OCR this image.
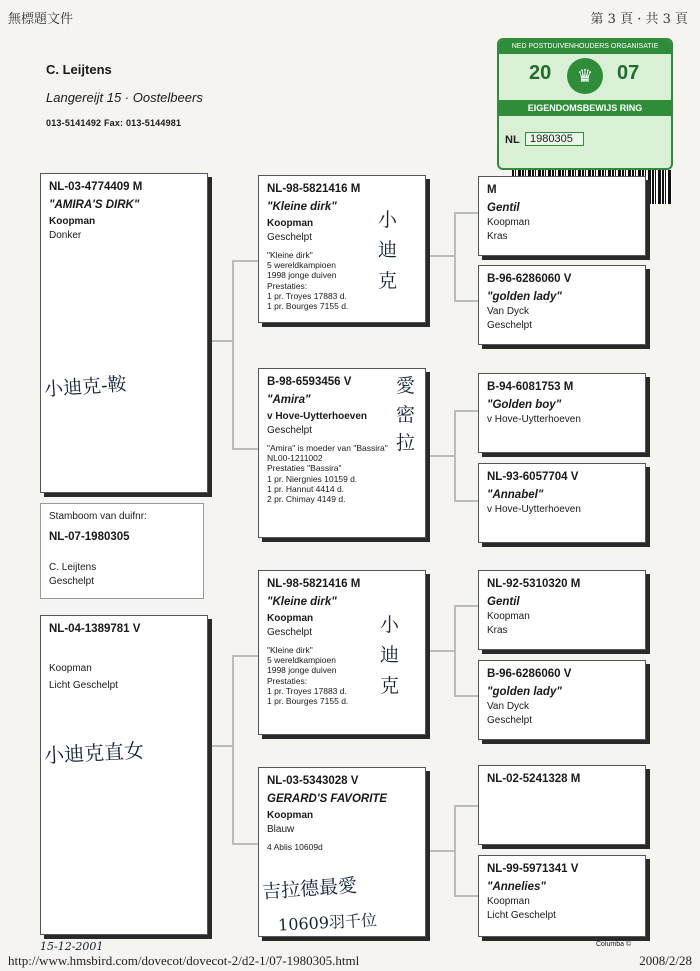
無標題文件	第 3 頁 · 共 3 頁
http://www.hmsbird.com/dovecot/dovecot-2/d2-1/07-1980305.html	2008/2/28
C. Leijtens
Langereijt 15 · Oostelbeers
013-5141492 Fax: 013-5144981
NED POSTDUIVENHOUDERS ORGANISATIE
20	♛	07
EIGENDOMSBEWIJS RING
NL 1980305
NL-03-4774409 M
"AMIRA'S DIRK"
Koopman
Donker
小迪克-鞍
Stamboom van duifnr:
NL-07-1980305
C. Leijtens
Geschelpt
NL-04-1389781 V
Koopman
Licht Geschelpt
小迪克直女
NL-98-5821416 M
"Kleine dirk"
Koopman
Geschelpt
"Kleine dirk"
5 wereldkampioen
1998 jonge duiven
Prestaties:
1 pr. Troyes 17883 d.
1 pr. Bourges 7155 d.
小迪克
B-98-6593456 V
"Amira"
v Hove-Uytterhoeven
Geschelpt
"Amira" is moeder van "Bassira"
NL00-1211002
Prestaties "Bassira"
1 pr. Niergnies 10159 d.
1 pr. Hannut 4414 d.
2 pr. Chimay 4149 d.
愛密拉
NL-98-5821416 M
"Kleine dirk"
Koopman
Geschelpt
"Kleine dirk"
5 wereldkampioen
1998 jonge duiven
Prestaties:
1 pr. Troyes 17883 d.
1 pr. Bourges 7155 d.
小迪克
NL-03-5343028 V
GERARD'S FAVORITE
Koopman
Blauw
4 Ablis 10609d
吉拉德最愛
10609羽千位
M
Gentil
Koopman
Kras
B-96-6286060 V
"golden lady"
Van Dyck
Geschelpt
B-94-6081753 M
"Golden boy"
v Hove-Uytterhoeven
NL-93-6057704 V
"Annabel"
v Hove-Uytterhoeven
NL-92-5310320 M
Gentil
Koopman
Kras
B-96-6286060 V
"golden lady"
Van Dyck
Geschelpt
NL-02-5241328 M
NL-99-5971341 V
"Annelies"
Koopman
Licht Geschelpt
Columba ©
15-12-2001
